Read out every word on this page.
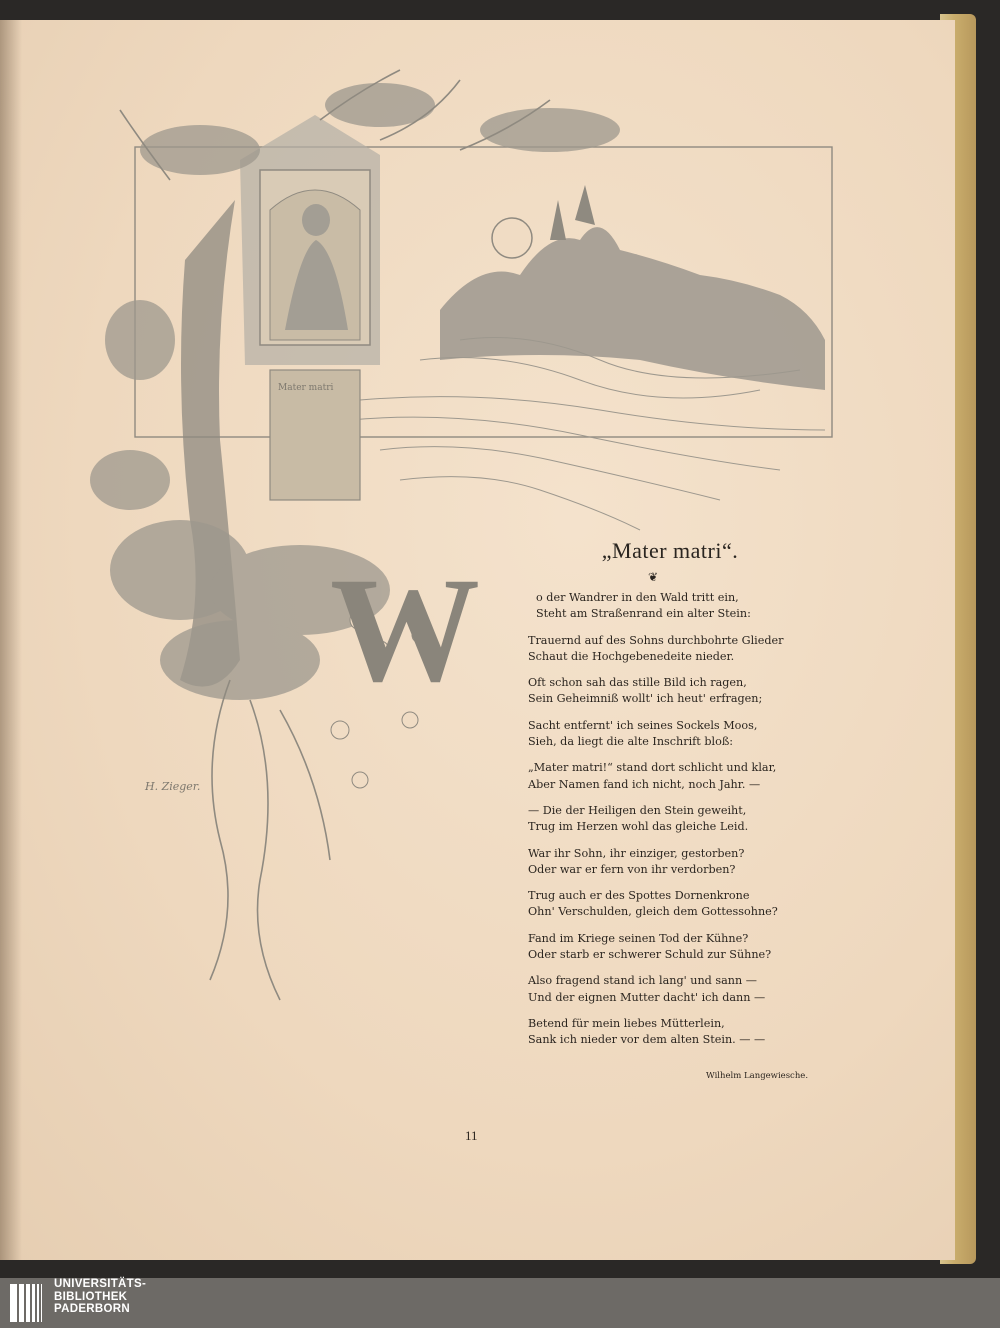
Mater matri
W
H. Zieger.
„Mater matri“.
❦
o der Wandrer in den Wald tritt ein,
Steht am Straßenrand ein alter Stein:
Trauernd auf des Sohns durchbohrte Glieder
Schaut die Hochgebenedeite nieder.
Oft schon sah das stille Bild ich ragen,
Sein Geheimniß wollt' ich heut' erfragen;
Sacht entfernt' ich seines Sockels Moos,
Sieh, da liegt die alte Inschrift bloß:
„Mater matri!“ stand dort schlicht und klar,
Aber Namen fand ich nicht, noch Jahr. —
— Die der Heiligen den Stein geweiht,
Trug im Herzen wohl das gleiche Leid.
War ihr Sohn, ihr einziger, gestorben?
Oder war er fern von ihr verdorben?
Trug auch er des Spottes Dornenkrone
Ohn' Verschulden, gleich dem Gottessohne?
Fand im Kriege seinen Tod der Kühne?
Oder starb er schwerer Schuld zur Sühne?
Also fragend stand ich lang' und sann —
Und der eignen Mutter dacht' ich dann —
Betend für mein liebes Mütterlein,
Sank ich nieder vor dem alten Stein. — —
Wilhelm Langewiesche.
11
UNIVERSITÄTS-
BIBLIOTHEK
PADERBORN
